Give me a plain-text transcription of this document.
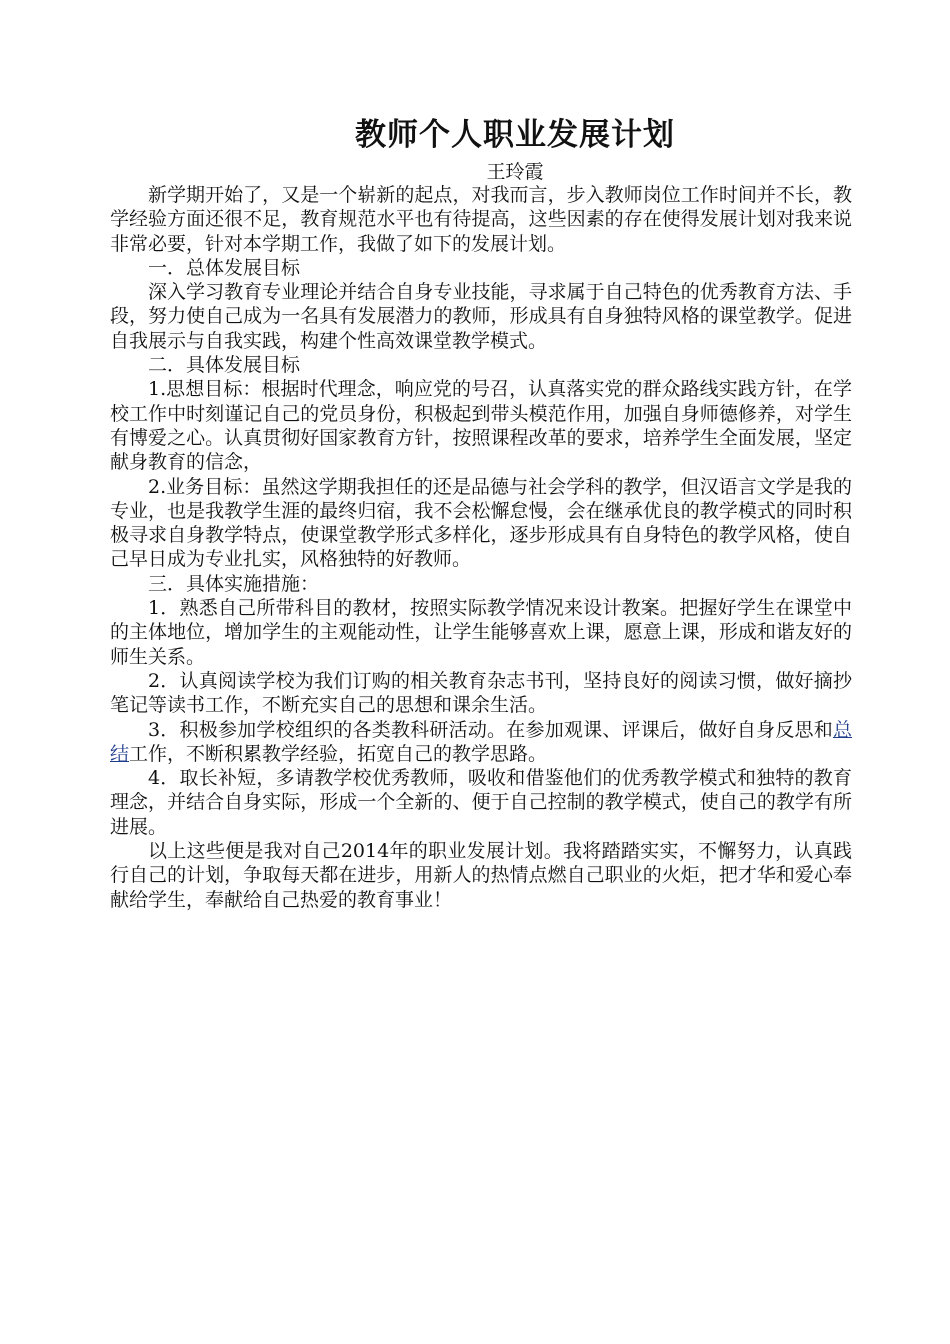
教师个人职业发展计划
王玲霞

新学期开始了，又是一个崭新的起点，对我而言，步入教师岗位工作时间并不长，教学经验方面还很不足，教育规范水平也有待提高，这些因素的存在使得发展计划对我来说非常必要，针对本学期工作，我做了如下的发展计划。

一．总体发展目标

深入学习教育专业理论并结合自身专业技能，寻求属于自己特色的优秀教育方法、手段，努力使自己成为一名具有发展潜力的教师，形成具有自身独特风格的课堂教学。促进自我展示与自我实践，构建个性高效课堂教学模式。

二．具体发展目标

1.思想目标：根据时代理念，响应党的号召，认真落实党的群众路线实践方针，在学校工作中时刻谨记自己的党员身份，积极起到带头模范作用，加强自身师德修养，对学生有博爱之心。认真贯彻好国家教育方针，按照课程改革的要求，培养学生全面发展，坚定献身教育的信念，

2.业务目标：虽然这学期我担任的还是品德与社会学科的教学，但汉语言文学是我的专业，也是我教学生涯的最终归宿，我不会松懈怠慢，会在继承优良的教学模式的同时积极寻求自身教学特点，使课堂教学形式多样化，逐步形成具有自身特色的教学风格，使自己早日成为专业扎实，风格独特的好教师。

三．具体实施措施：

1．熟悉自己所带科目的教材，按照实际教学情况来设计教案。把握好学生在课堂中的主体地位，增加学生的主观能动性，让学生能够喜欢上课，愿意上课，形成和谐友好的师生关系。

2．认真阅读学校为我们订购的相关教育杂志书刊，坚持良好的阅读习惯，做好摘抄笔记等读书工作，不断充实自己的思想和课余生活。

3．积极参加学校组织的各类教科研活动。在参加观课、评课后，做好自身反思和总结工作，不断积累教学经验，拓宽自己的教学思路。

4．取长补短，多请教学校优秀教师，吸收和借鉴他们的优秀教学模式和独特的教育理念，并结合自身实际，形成一个全新的、便于自己控制的教学模式，使自己的教学有所进展。

以上这些便是我对自己2014年的职业发展计划。我将踏踏实实，不懈努力，认真践行自己的计划，争取每天都在进步，用新人的热情点燃自己职业的火炬，把才华和爱心奉献给学生，奉献给自己热爱的教育事业！
